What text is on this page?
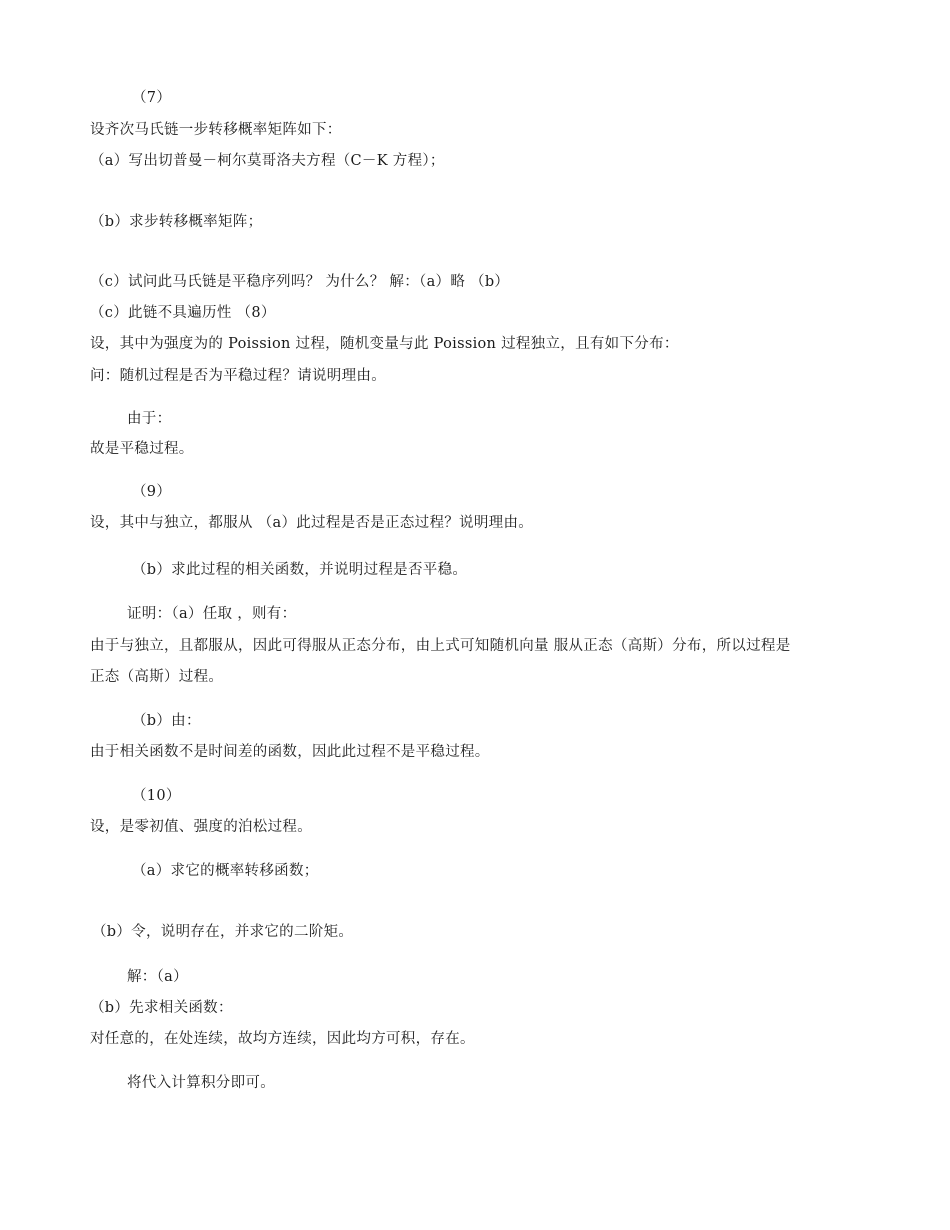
（7）
设齐次马氏链一步转移概率矩阵如下：
（a）写出切普曼－柯尔莫哥洛夫方程（C－K 方程）；
（b）求步转移概率矩阵；
（c）试问此马氏链是平稳序列吗？ 为什么？ 解：（a）略 （b）
（c）此链不具遍历性 （8）
设，其中为强度为的 Poission 过程，随机变量与此 Poission 过程独立，且有如下分布：
问：随机过程是否为平稳过程？请说明理由。
由于：
故是平稳过程。
（9）
设，其中与独立，都服从 （a）此过程是否是正态过程？说明理由。
（b）求此过程的相关函数，并说明过程是否平稳。
证明：（a）任取 ，则有：
由于与独立，且都服从，因此可得服从正态分布，由上式可知随机向量 服从正态（高斯）分布，所以过程是
正态（高斯）过程。
（b）由：
由于相关函数不是时间差的函数，因此此过程不是平稳过程。
（10）
设，是零初值、强度的泊松过程。
（a）求它的概率转移函数；
（b）令，说明存在，并求它的二阶矩。
解：（a）
（b）先求相关函数：
对任意的，在处连续，故均方连续，因此均方可积，存在。
将代入计算积分即可。
